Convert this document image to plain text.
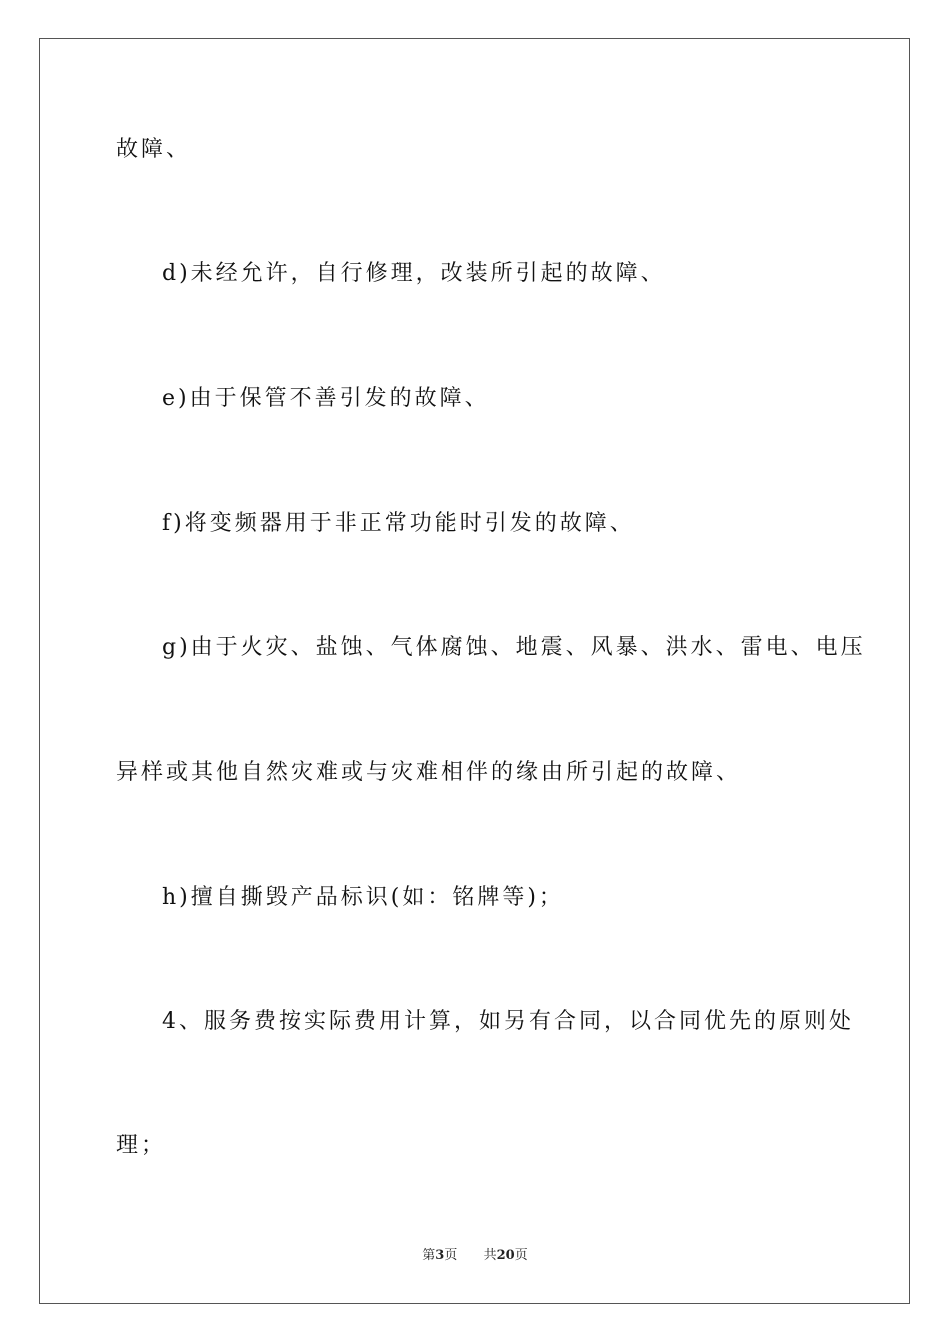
故障、
d)未经允许，自行修理，改装所引起的故障、
e)由于保管不善引发的故障、
f)将变频器用于非正常功能时引发的故障、
g)由于火灾、盐蚀、气体腐蚀、地震、风暴、洪水、雷电、电压
异样或其他自然灾难或与灾难相伴的缘由所引起的故障、
h)擅自撕毁产品标识(如：铭牌等)；
4、服务费按实际费用计算，如另有合同，以合同优先的原则处
理；
第3页 共20页
